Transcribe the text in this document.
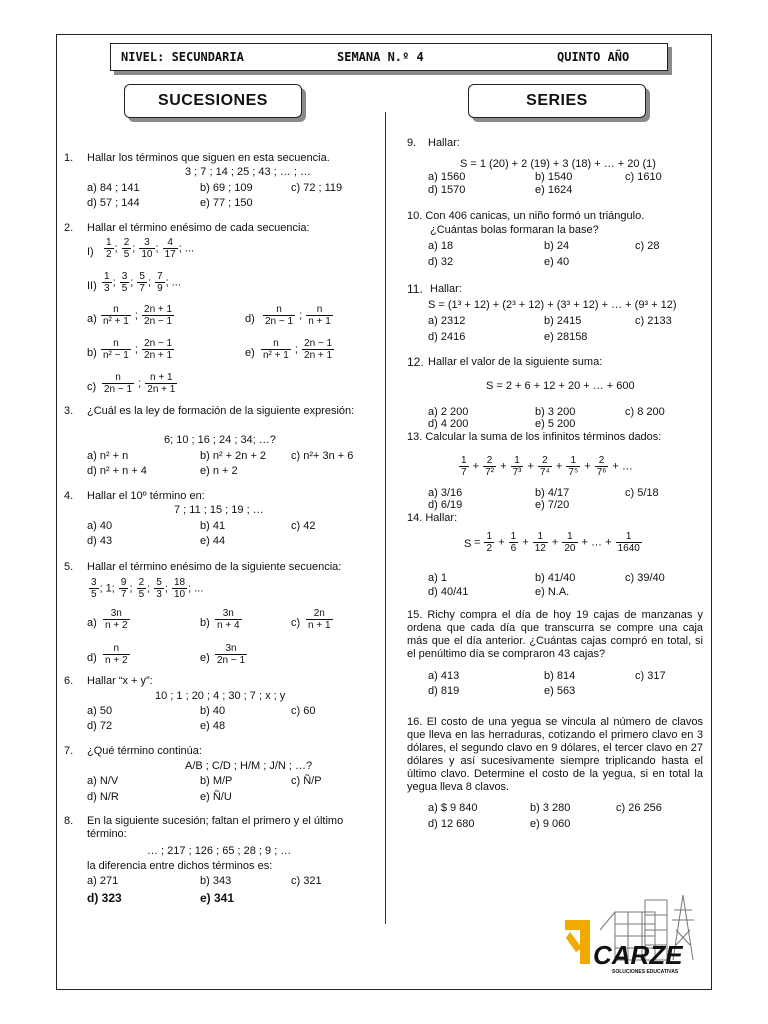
NIVEL: SECUNDARIA	SEMANA N.º 4	QUINTO AÑO
SUCESIONES	SERIES
1. Hallar los términos que siguen en esta secuencia.
3 ; 7 ; 14 ; 25 ; 43 ; … ; …
a) 84 ; 141	b) 69 ; 109	c) 72 ; 119
d) 57 ; 144	e) 77 ; 150
2. Hallar el término enésimo de cada secuencia:
$I) \frac{1}{2}$ ; $\frac{2}{5}$ ; $\frac{3}{10}$ ; $\frac{4}{17}$ ; ...
$II) \frac{1}{3}$ ; $\frac{3}{5}$ ; $\frac{5}{7}$ ; $\frac{7}{9}$ ; ...
$a) \frac{n}{\text{n² + 1}}$ ; $\frac{2n + 1}{2n - 1}$	$d) \frac{n}{2n - 1}$ ; $\frac{n}{n + 1}$
$b) \frac{n}{\text{n² − 1}}$ ; $\frac{2n - 1}{2n + 1}$	$e) \frac{n}{\text{n² + 1}}$ ; $\frac{2n - 1}{2n + 1}$
$c) \frac{n}{2n - 1}$ ; $\frac{n + 1}{2n + 1}$
3. ¿Cuál es la ley de formación de la siguiente expresión:
6; 10 ; 16 ; 24 ; 34; …?
a) n² + n	b) n² + 2n + 2 c) n²+ 3n + 6
d) n² + n + 4	e) n + 2
4. Hallar el 10º término en:
7 ; 11 ; 15 ; 19 ; …
a) 40	b) 41	c) 42
d) 43	e) 44
5. Hallar el término enésimo de la siguiente secuencia:
$\frac{3}{5}$ ; 1; $\frac{9}{7}$ ; $\frac{2}{5}$ ; $\frac{5}{3}$ ; $\frac{18}{10}$ ; ...
$a) \frac{3n}{n + 2}$	$b) \frac{3n}{n + 4}$	$c) \frac{2n}{n + 1}$
$d) \frac{n}{n + 2}$	$e) \frac{3n}{2n - 1}$
6. Hallar “x + y”:
10 ; 1 ; 20 ; 4 ; 30 ; 7 ; x ; y
a) 50	b) 40	c) 60
d) 72	e) 48
7. ¿Qué término continúa:
A/B ; C/D ; H/M ; J/N ; …?
a) N/V	b) M/P	c) Ñ/P
d) N/R	e) Ñ/U
8. En la siguiente sucesión; faltan el primero y el último término:
… ; 217 ; 126 ; 65 ; 28 ; 9 ; …
la diferencia entre dichos términos es:
a) 271	b) 343	c) 321
d) 323	e) 341
9. Hallar:
S = 1 (20) + 2 (19) + 3 (18) + … + 20 (1)
a) 1560	b) 1540	c) 1610
d) 1570	e) 1624
10. Con 406 canicas, un niño formó un triángulo.
¿Cuántas bolas formaran la base?
a) 18	b) 24	c) 28
d) 32	e) 40
11. Hallar:
S = (1³ + 12) + (2³ + 12) + (3³ + 12) + … + (9³ + 12)
a) 2312	b) 2415	c) 2133
d) 2416	e) 28158
12. Hallar el valor de la siguiente suma:
S = 2 + 6 + 12 + 20 + … + 600
a) 2 200	b) 3 200	c) 8 200
d) 4 200	e) 5 200
13. Calcular la suma de los infinitos términos dados:
$\frac{1}{7} + \frac{2}{\text{7²}} + \frac{1}{\text{7³}} + \frac{2}{\text{7⁴}} + \frac{1}{\text{7⁵}} + \frac{2}{\text{7⁶}}$ + …
a) 3/16	b) 4/17	c) 5/18
d) 6/19	e) 7/20
14. Hallar:
$S = \frac{1}{2} + \frac{1}{6} + \frac{1}{12} + \frac{1}{20}$ + … + $\frac{1}{1640}$
a) 1	b) 41/40	c) 39/40
d) 40/41	e) N.A.
15. Richy compra el día de hoy 19 cajas de manzanas y ordena que cada día que transcurra se compre una caja más que el día anterior. ¿Cuántas cajas compró en total, si el penúltimo día se compraron 43 cajas?
a) 413	b) 814	c) 317
d) 819	e) 563
16. El costo de una yegua se vincula al número de clavos que lleva en las herraduras, cotizando el primero clavo en 3 dólares, el segundo clavo en 9 dólares, el tercer clavo en 27 dólares y así sucesivamente siempre triplicando hasta el último clavo. Determine el costo de la yegua, si en total la yegua lleva 8 clavos.
a) $ 9 840	b) 3 280	c) 26 256
d) 12 680	e) 9 060
CARZE
SOLUCIONES EDUCATIVAS
